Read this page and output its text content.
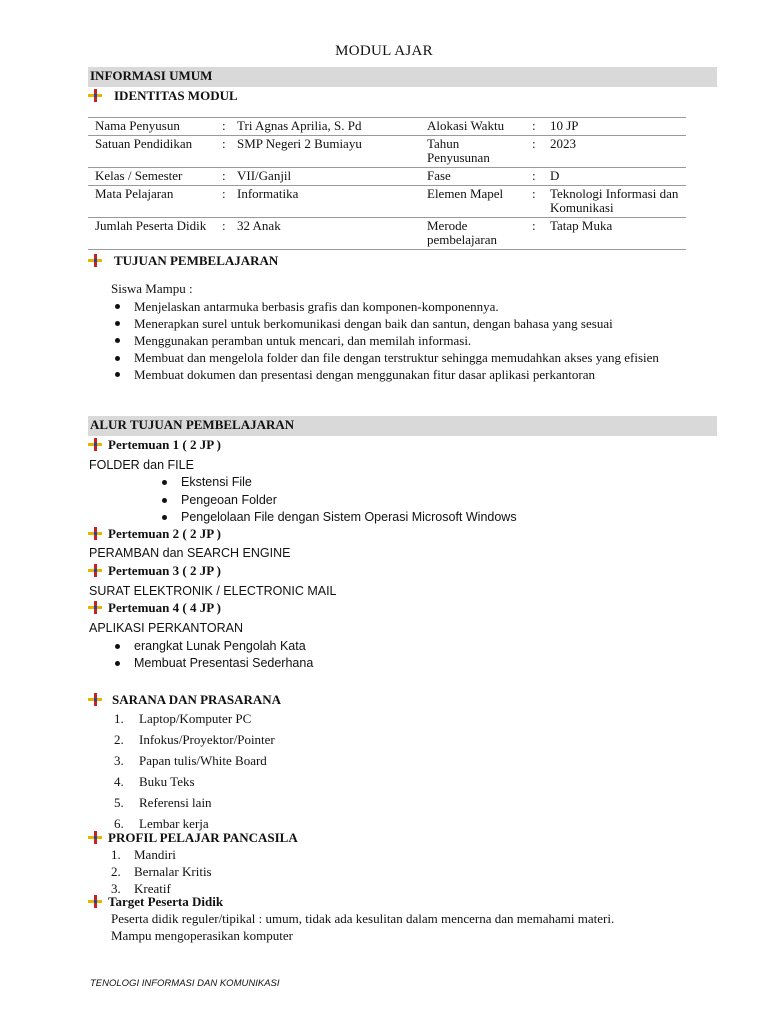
MODUL AJAR
INFORMASI UMUM
IDENTITAS MODUL
Nama Penyusun	:	Tri Agnas Aprilia, S. Pd	Alokasi Waktu	:	10 JP
Satuan Pendidikan	:	SMP Negeri 2 Bumiayu	Tahun Penyusunan	:	2023
Kelas / Semester	:	VII/Ganjil	Fase	:	D
Mata Pelajaran	:	Informatika	Elemen Mapel	:	Teknologi Informasi dan Komunikasi
Jumlah Peserta Didik	:	32 Anak	Merode pembelajaran	:	Tatap Muka
TUJUAN PEMBELAJARAN
Siswa Mampu :
Menjelaskan antarmuka berbasis grafis dan komponen-komponennya.
Menerapkan surel untuk berkomunikasi dengan baik dan santun, dengan bahasa yang sesuai
Menggunakan peramban untuk mencari, dan memilah informasi.
Membuat dan mengelola folder dan file dengan terstruktur sehingga memudahkan akses yang efisien
Membuat dokumen dan presentasi dengan menggunakan fitur dasar aplikasi perkantoran
ALUR TUJUAN PEMBELAJARAN
Pertemuan 1 ( 2 JP )
FOLDER dan FILE
Ekstensi File
Pengeoan Folder
Pengelolaan File dengan Sistem Operasi Microsoft Windows
Pertemuan 2 ( 2 JP )
PERAMBAN dan SEARCH ENGINE
Pertemuan 3 ( 2 JP )
SURAT ELEKTRONIK / ELECTRONIC MAIL
Pertemuan 4 ( 4 JP )
APLIKASI PERKANTORAN
erangkat Lunak Pengolah Kata
Membuat Presentasi Sederhana
SARANA DAN PRASARANA
1. Laptop/Komputer PC
2. Infokus/Proyektor/Pointer
3. Papan tulis/White Board
4. Buku Teks
5. Referensi lain
6. Lembar kerja
PROFIL PELAJAR PANCASILA
1. Mandiri
2. Bernalar Kritis
3. Kreatif
Target Peserta Didik
Peserta didik reguler/tipikal : umum, tidak ada kesulitan dalam mencerna dan memahami materi.
Mampu mengoperasikan komputer
TENOLOGI INFORMASI DAN KOMUNIKASI
